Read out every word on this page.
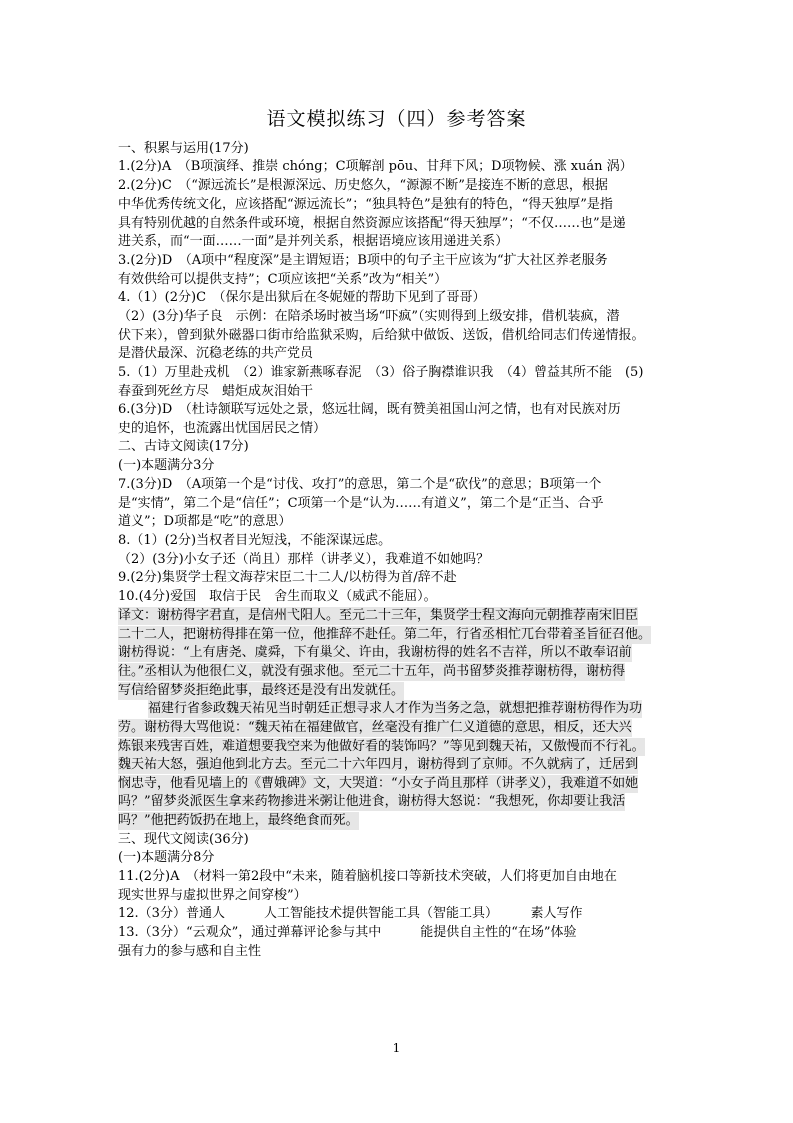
语文模拟练习（四）参考答案
一、积累与运用(17分)
1.(2分)A　（B项演绎、推崇 chóng；C项解剖 pōu、甘拜下风；D项物候、涨 xuán 涡）
2.(2分)C　（“源远流长”是根源深远、历史悠久，“源源不断”是接连不断的意思，根据
中华优秀传统文化，应该搭配“源远流长”；“独具特色”是独有的特色，“得天独厚”是指
具有特别优越的自然条件或环境，根据自然资源应该搭配“得天独厚”；“不仅……也”是递
进关系，而“一面……一面”是并列关系，根据语境应该用递进关系）
3.(2分)D　（A项中“程度深”是主谓短语；B项中的句子主干应该为“扩大社区养老服务
有效供给可以提供支持”；C项应该把“关系”改为“相关”）
4.（1）(2分)C　（保尔是出狱后在冬妮娅的帮助下见到了哥哥）
（2）(3分)华子良　示例：在陪杀场时被当场“吓疯”（实则得到上级安排，借机装疯，潜
伏下来），曾到狱外磁器口街市给监狱采购，后给狱中做饭、送饭，借机给同志们传递情报。
是潜伏最深、沉稳老练的共产党员
5.（1）万里赴戎机　（2）谁家新燕啄春泥　（3）俗子胸襟谁识我　（4）曾益其所不能　(5)
春蚕到死丝方尽　蜡炬成灰泪始干
6.(3分)D　（杜诗颔联写远处之景，悠远壮阔，既有赞美祖国山河之情，也有对民族对历
史的追怀，也流露出忧国居民之情）
二、古诗文阅读(17分)
(一)本题满分3分
7.(3分)D　（A项第一个是“讨伐、攻打”的意思，第二个是“砍伐”的意思；B项第一个
是“实情”，第二个是“信任”；C项第一个是“认为……有道义”，第二个是“正当、合乎
道义”；D项都是“吃”的意思）
8.（1）(2分)当权者目光短浅，不能深谋远虑。
（2）(3分)小女子还（尚且）那样（讲孝义），我难道不如她吗？
9.(2分)集贤学士程文海荐宋臣二十二人/以枋得为首/辞不赴
10.(4分)爱国　取信于民　舍生而取义（威武不能屈）。
译文：谢枋得字君直，是信州弋阳人。至元二十三年，集贤学士程文海向元朝推荐南宋旧臣
二十二人，把谢枋得排在第一位，他推辞不赴任。第二年，行省丞相忙兀台带着圣旨征召他。
谢枋得说：“上有唐尧、虞舜，下有巢父、许由，我谢枋得的姓名不吉祥，所以不敢奉诏前
往。”丞相认为他很仁义，就没有强求他。至元二十五年，尚书留梦炎推荐谢枋得，谢枋得
写信给留梦炎拒绝此事，最终还是没有出发就任。
福建行省参政魏天祐见当时朝廷正想寻求人才作为当务之急，就想把推荐谢枋得作为功
劳。谢枋得大骂他说：“魏天祐在福建做官，丝毫没有推广仁义道德的意思，相反，还大兴
炼银来残害百姓，难道想要我空来为他做好看的装饰吗？”等见到魏天祐，又傲慢而不行礼。
魏天祐大怒，强迫他到北方去。至元二十六年四月，谢枋得到了京师。不久就病了，迁居到
悯忠寺，他看见墙上的《曹娥碑》文，大哭道：“小女子尚且那样（讲孝义），我难道不如她
吗？”留梦炎派医生拿来药物掺进米粥让他进食，谢枋得大怒说：“我想死，你却要让我活
吗？”他把药饭扔在地上，最终绝食而死。
三、现代文阅读(36分)
(一)本题满分8分
11.(2分)A　（材料一第2段中“未来，随着脑机接口等新技术突破，人们将更加自由地在
现实世界与虚拟世界之间穿梭”）
12.（3分）普通人　　　人工智能技术提供智能工具（智能工具）　　　素人写作
13.（3分）“云观众”，通过弹幕评论参与其中　　　能提供自主性的“在场”体验
强有力的参与感和自主性
1
